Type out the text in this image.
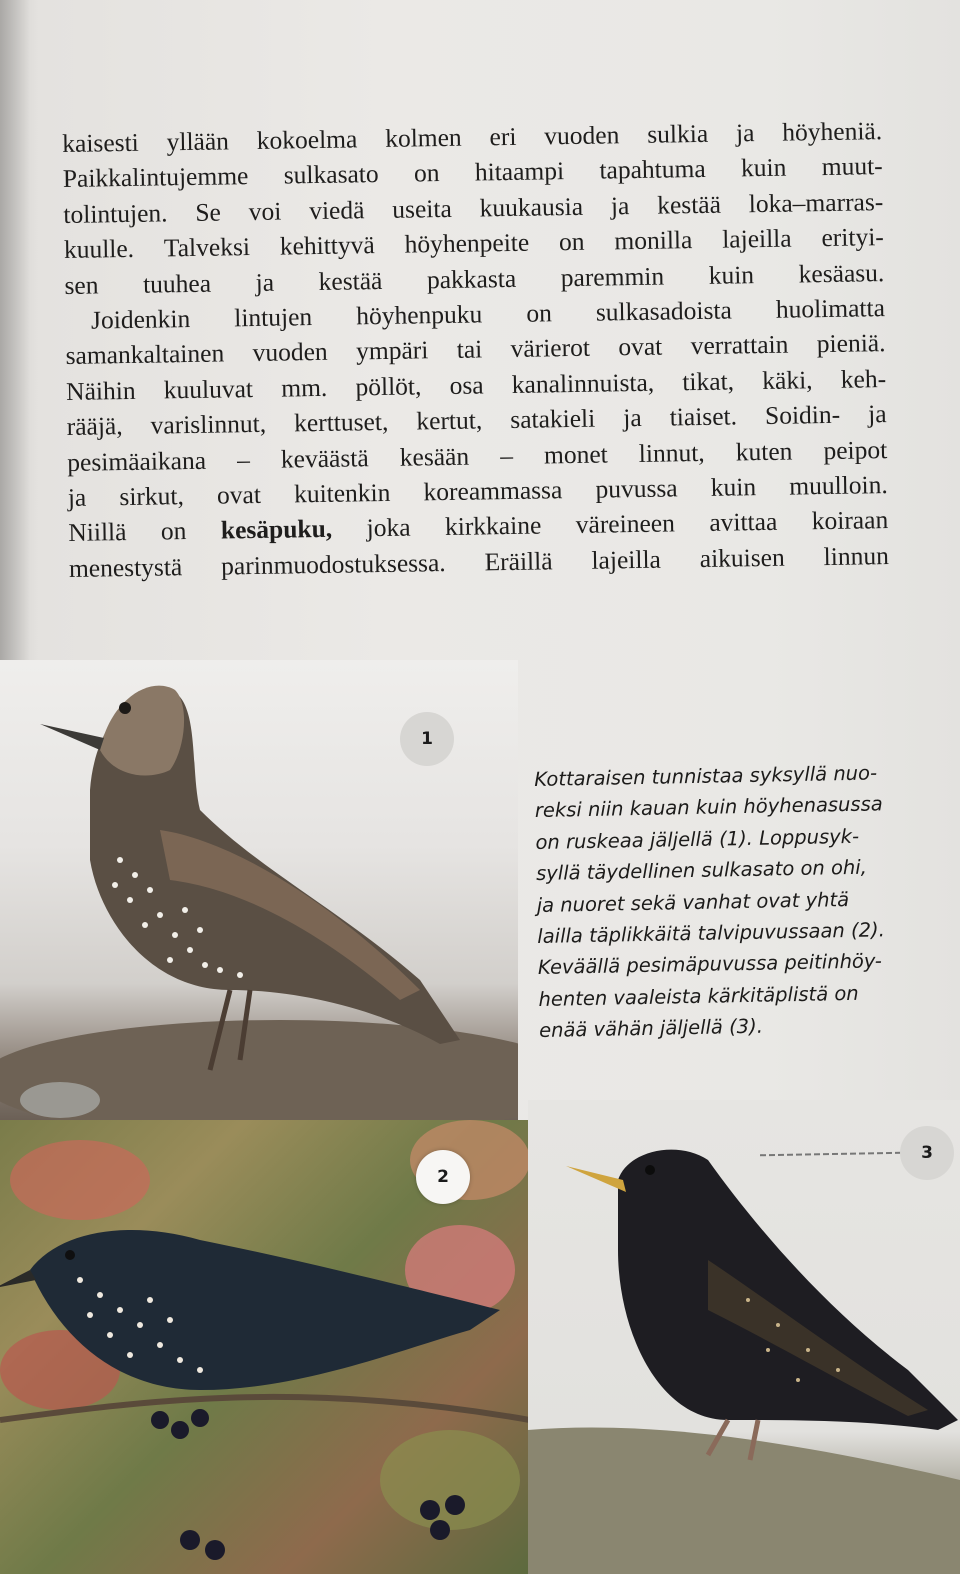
kaisesti yllään kokoelma kolmen eri vuoden sulkia ja höyheniä.
Paikkalintujemme sulkasato on hitaampi tapahtuma kuin muut-
tolintujen. Se voi viedä useita kuukausia ja kestää loka–marras-
kuulle. Talveksi kehittyvä höyhenpeite on monilla lajeilla erityi-
sen tuuhea ja kestää pakkasta paremmin kuin kesäasu.
Joidenkin lintujen höyhenpuku on sulkasadoista huolimatta
samankaltainen vuoden ympäri tai värierot ovat verrattain pieniä.
Näihin kuuluvat mm. pöllöt, osa kanalinnuista, tikat, käki, keh-
rääjä, varislinnut, kerttuset, kertut, satakieli ja tiaiset. Soidin- ja
pesimäaikana – keväästä kesään – monet linnut, kuten peipot
ja sirkut, ovat kuitenkin koreammassa puvussa kuin muulloin.
Niillä on kesäpuku, joka kirkkaine väreineen avittaa koiraan
menestystä parinmuodostuksessa. Eräillä lajeilla aikuisen linnun
1
2
3
Kottaraisen tunnistaa syksyllä nuo-
reksi niin kauan kuin höyhenasussa
on ruskeaa jäljellä (1). Loppusyk-
syllä täydellinen sulkasato on ohi,
ja nuoret sekä vanhat ovat yhtä
lailla täplikkäitä talvipuvussaan (2).
Keväällä pesimäpuvussa peitinhöy-
henten vaaleista kärkitäplistä on
enää vähän jäljellä (3).
